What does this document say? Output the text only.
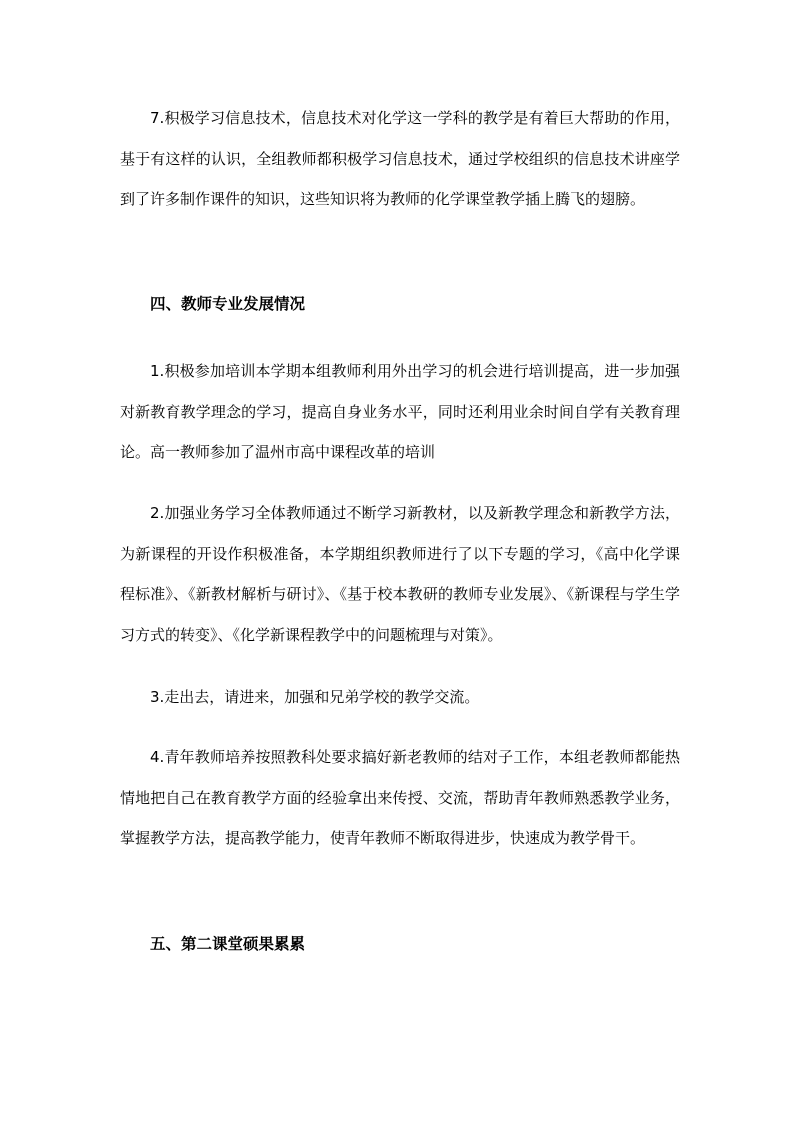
7.积极学习信息技术，信息技术对化学这一学科的教学是有着巨大帮助的作用，基于有这样的认识，全组教师都积极学习信息技术，通过学校组织的信息技术讲座学到了许多制作课件的知识，这些知识将为教师的化学课堂教学插上腾飞的翅膀。

四、教师专业发展情况

1.积极参加培训本学期本组教师利用外出学习的机会进行培训提高，进一步加强对新教育教学理念的学习，提高自身业务水平，同时还利用业余时间自学有关教育理论。高一教师参加了温州市高中课程改革的培训

2.加强业务学习全体教师通过不断学习新教材，以及新教学理念和新教学方法，为新课程的开设作积极准备，本学期组织教师进行了以下专题的学习，《高中化学课程标准》、《新教材解析与研讨》、《基于校本教研的教师专业发展》、《新课程与学生学习方式的转变》、《化学新课程教学中的问题梳理与对策》。

3.走出去，请进来，加强和兄弟学校的教学交流。

4.青年教师培养按照教科处要求搞好新老教师的结对子工作，本组老教师都能热情地把自己在教育教学方面的经验拿出来传授、交流，帮助青年教师熟悉教学业务，掌握教学方法，提高教学能力，使青年教师不断取得进步，快速成为教学骨干。

五、第二课堂硕果累累
